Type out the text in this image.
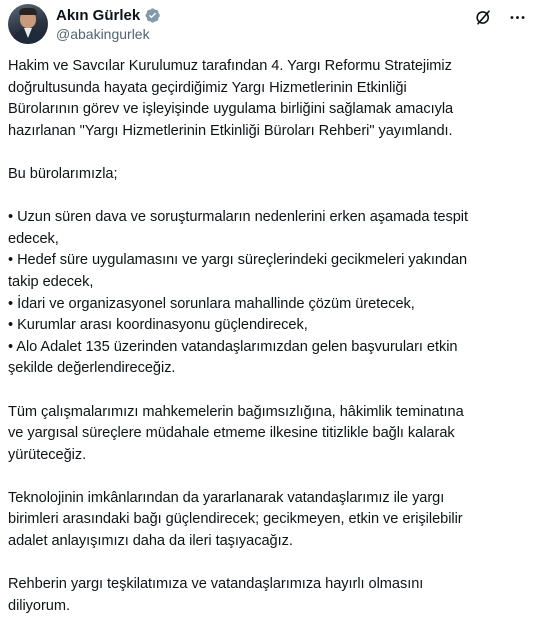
Akın Gürlek
@abakingurlek

Hakim ve Savcılar Kurulumuz tarafından 4. Yargı Reformu Stratejimiz
doğrultusunda hayata geçirdiğimiz Yargı Hizmetlerinin Etkinliği
Bürolarının görev ve işleyişinde uygulama birliğini sağlamak amacıyla
hazırlanan "Yargı Hizmetlerinin Etkinliği Büroları Rehberi" yayımlandı.

Bu bürolarımızla;

• Uzun süren dava ve soruşturmaların nedenlerini erken aşamada tespit
edecek,

• Hedef süre uygulamasını ve yargı süreçlerindeki gecikmeleri yakından
takip edecek,

• İdari ve organizasyonel sorunlara mahallinde çözüm üretecek,

• Kurumlar arası koordinasyonu güçlendirecek,

• Alo Adalet 135 üzerinden vatandaşlarımızdan gelen başvuruları etkin
şekilde değerlendireceğiz.

Tüm çalışmalarımızı mahkemelerin bağımsızlığına, hâkimlik teminatına
ve yargısal süreçlere müdahale etmeme ilkesine titizlikle bağlı kalarak
yürüteceğiz.

Teknolojinin imkânlarından da yararlanarak vatandaşlarımız ile yargı
birimleri arasındaki bağı güçlendirecek; gecikmeyen, etkin ve erişilebilir
adalet anlayışımızı daha da ileri taşıyacağız.

Rehberin yargı teşkilatımıza ve vatandaşlarımıza hayırlı olmasını
diliyorum.
